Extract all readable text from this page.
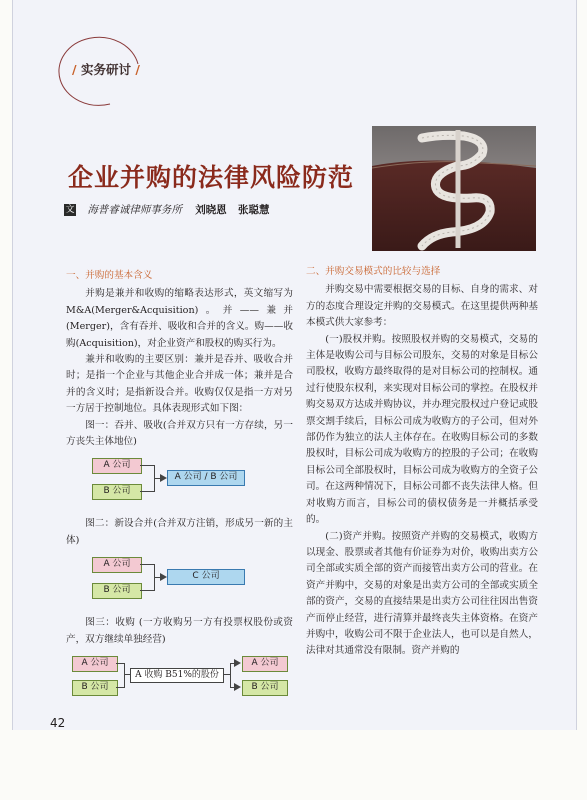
/ 实务研讨 /
企业并购的法律风险防范
文 海普睿诚律师事务所 刘晓恩 张聪慧
一、并购的基本含义

并购是兼并和收购的缩略表达形式，英文缩写为M&A(Merger&Acquisition)。并——兼并(Merger)，含有吞并、吸收和合并的含义。购——收购(Acquisition)，对企业资产和股权的购买行为。

兼并和收购的主要区别：兼并是吞并、吸收合并时；是指一个企业与其他企业合并成一体；兼并是合并的含义时；是指新设合并。收购仅仅是指一方对另一方居于控制地位。具体表现形式如下图：

图一：吞并、吸收(合并双方只有一方存续，另一方丧失主体地位)

A 公司
B 公司
A 公司 / B 公司

图二：新设合并(合并双方注销，形成另一新的主体)

A 公司
B 公司
C 公司

图三：收购 (一方收购另一方有投票权股份或资产，双方继续单独经营)

A 公司
B 公司
A 收购 B51%的股份
A 公司
B 公司
二、并购交易模式的比较与选择

并购交易中需要根据交易的目标、自身的需求、对方的态度合理设定并购的交易模式。在这里提供两种基本模式供大家参考：

(一)股权并购。按照股权并购的交易模式，交易的主体是收购公司与目标公司股东，交易的对象是目标公司股权，收购方最终取得的是对目标公司的控制权。通过行使股东权利，来实现对目标公司的掌控。在股权并购交易双方达成并购协议，并办理完股权过户登记或股票交割手续后，目标公司成为收购方的子公司，但对外部仍作为独立的法人主体存在。在收购目标公司的多数股权时，目标公司成为收购方的控股的子公司；在收购目标公司全部股权时，目标公司成为收购方的全资子公司。在这两种情况下，目标公司都不丧失法律人格。但对收购方而言，目标公司的债权债务是一并概括承受的。

(二)资产并购。按照资产并购的交易模式，收购方以现金、股票或者其他有价证券为对价，收购出卖方公司全部或实质全部的资产而接管出卖方公司的营业。在资产并购中，交易的对象是出卖方公司的全部或实质全部的资产，交易的直接结果是出卖方公司往往因出售资产而停止经营，进行清算并最终丧失主体资格。在资产并购中，收购公司不限于企业法人，也可以是自然人，法律对其通常没有限制。资产并购的

42
